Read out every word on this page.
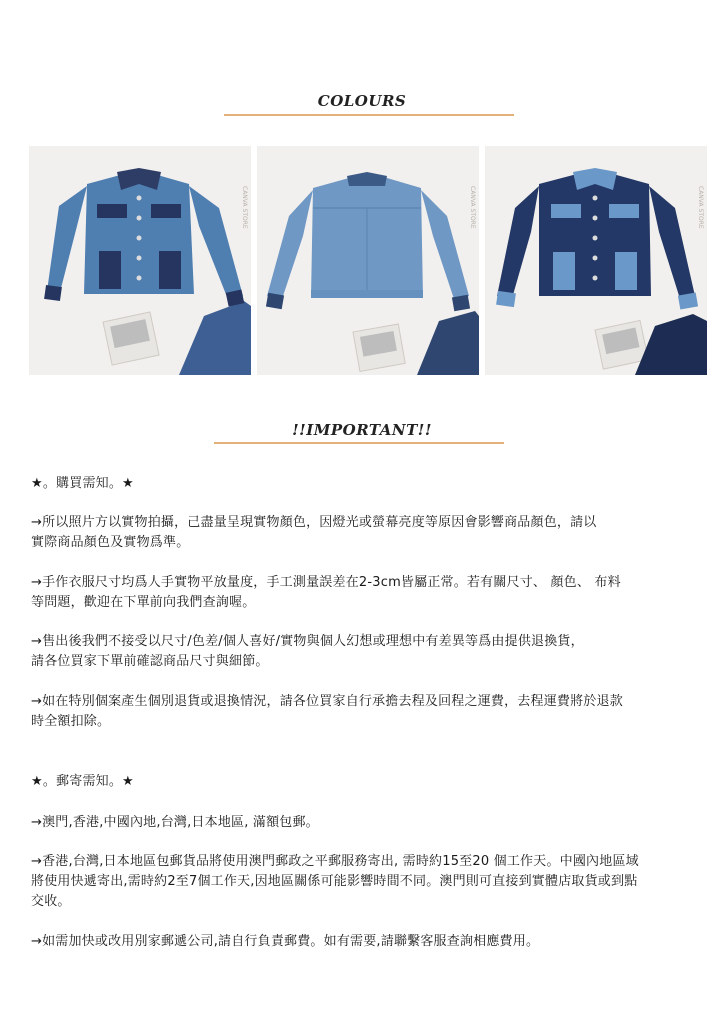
COLOURS
CANVA STORE	CANVA STORE	CANVA STORE
!!IMPORTANT!!
★。購買需知。★
→所以照片方以實物拍攝，己盡量呈現實物顏色，因燈光或螢幕亮度等原因會影響商品顏色，請以
實際商品顏色及實物爲準。
→手作衣服尺寸均爲人手實物平放量度，手工測量誤差在2-3cm皆屬正常。若有關尺寸、 顏色、 布料
等問題，歡迎在下單前向我們查詢喔。
→售出後我們不接受以尺寸/色差/個人喜好/實物與個人幻想或理想中有差異等爲由提供退換貨，
請各位買家下單前確認商品尺寸與細節。
→如在特別個案產生個別退貨或退換情況，請各位買家自行承擔去程及回程之運費，去程運費將於退款
時全額扣除。
★。郵寄需知。★
→澳門,香港,中國內地,台灣,日本地區, 滿額包郵。
→香港,台灣,日本地區包郵貨品將使用澳門郵政之平郵服務寄出, 需時約15至20 個工作天。中國內地區域
將使用快遞寄出,需時約2至7個工作天,因地區關係可能影響時間不同。澳門則可直接到實體店取貨或到點
交收。
→如需加快或改用別家郵遞公司,請自行負責郵費。如有需要,請聯繫客服查詢相應費用。
